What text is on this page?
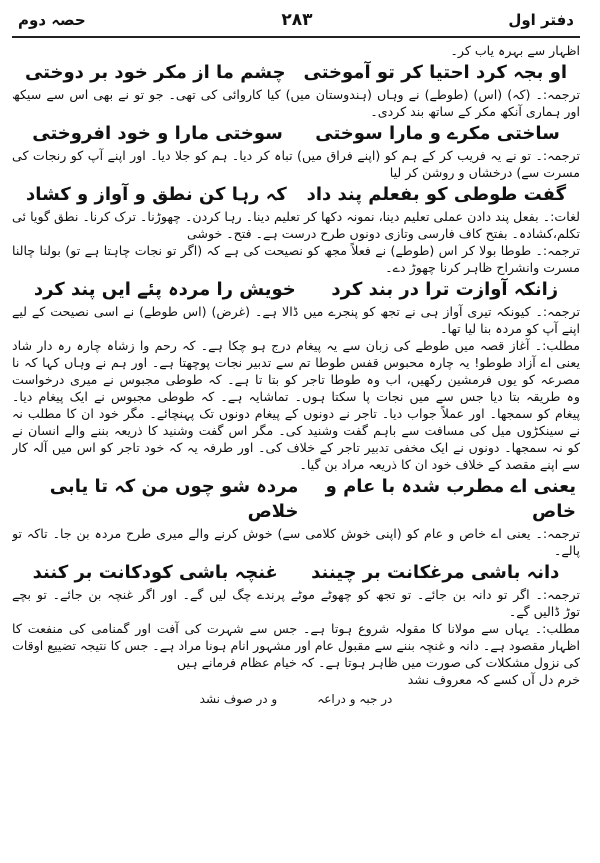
دفتر اول
۲۸۳
حصہ دوم
اظہار سے بہرہ یاب کر۔
او بجہ کرد احتیا کر تو آموختی
چشم ما از مکر خود بر دوختی
ترجمہ:۔ (کہ) (اس) (طوطے) نے وہاں (ہندوستان میں) کیا کاروائی کی تھی۔ جو تو نے بھی اس سے سیکھ
اور ہماری آنکھ مکر کے ساتھ بند کردی۔
ساختی مکرے و مارا سوختی
سوختی مارا و خود افروختی
ترجمہ:۔ تو نے یہ فریب کر کے ہم کو (اپنے فراق میں) تباہ کر دیا۔ ہم کو جلا دیا۔ اور اپنے آپ کو رنجات کی
مسرت سے) درخشاں و روشن کر لیا
گفت طوطی کو بفعلم پند داد
کہ رہا کن نطق و آواز و کشاد
لغات:۔ بفعل پند دادن عملی تعلیم دینا، نمونہ دکھا کر تعلیم دینا۔ رہا کردن۔ چھوڑنا۔ ترک کرنا۔ نطق گویا ئی
تکلم،کشادہ۔ بفتح کاف فارسی وتازی دونوں طرح درست ہے۔ فتح۔ خوشی
ترجمہ:۔ طوطا بولا کر اس (طوطے) نے فعلاً مجھ کو نصیحت کی ہے کہ (اگر تو نجات چاہتا ہے تو) بولنا چالنا
مسرت وانشراح ظاہر کرنا چھوڑ دے۔
زانکہ آوازت ترا در بند کرد
خویش را مردہ پئے ایں پند کرد
ترجمہ:۔ کیونکہ تیری آواز ہی نے تجھ کو پنجرے میں ڈالا ہے۔ (غرض) (اس طوطے) نے اسی نصیحت کے لیے
اپنے آپ کو مردہ بنا لیا تھا۔
مطلب:۔ آغاز قصہ میں طوطے کی زبان سے یہ پیغام درج ہو چکا ہے۔ کہ رحم وا زشاہ چارہ رہ دار شاد
یعنی اے آزاد طوطو! یہ چارہ محبوس قفس طوطا تم سے تدبیر نجات پوچھتا ہے۔ اور ہم نے وہاں کہا کہ نا
مصرعہ کو یوں فرمشین رکھیں، اب وہ طوطا تاجر کو بتا تا ہے۔ کہ طوطی مجبوس نے میری درخواست
وہ طریقہ بتا دیا جس سے میں نجات پا سکتا ہوں۔ تماشایہ ہے۔ کہ طوطی مجبوس نے ایک پیغام دیا۔
پیغام کو سمجھا۔ اور عملاً جواب دیا۔ تاجر نے دونوں کے پیغام دونوں تک پہنچائے۔ مگر خود ان کا مطلب نہ
نے سینکڑوں میل کی مسافت سے باہم گفت وشنید کی۔ مگر اس گفت وشنید کا ذریعہ بننے والے انسان نے
کو نہ سمجھا۔ دونوں نے ایک مخفی تدبیر تاجر کے خلاف کی۔ اور طرفہ یہ کہ خود تاجر کو اس میں آلہ کار
سے اپنے مقصد کے خلاف خود ان کا ذریعہ مراد بن گیا۔
یعنی اے مطرب شدہ با عام و خاص
مردہ شو چوں من کہ تا یابی خلاص
ترجمہ:۔ یعنی اے خاص و عام کو (اپنی خوش کلامی سے) خوش کرنے والے میری طرح مردہ بن جا۔ تاکہ تو
پالے۔
دانہ باشی مرغکانت بر چینند
غنچہ باشی کودکانت بر کنند
ترجمہ:۔ اگر تو دانہ بن جائے۔ تو تجھ کو چھوٹے موٹے پرندے چگ لیں گے۔ اور اگر غنچہ بن جائے۔ تو بچے
توڑ ڈالیں گے۔
مطلب:۔ یہاں سے مولانا کا مقولہ شروع ہوتا ہے۔ جس سے شہرت کی آفت اور گمنامی کی منفعت کا
اظہار مقصود ہے۔ دانہ و غنچہ بننے سے مقبول عام اور مشہور انام ہونا مراد ہے۔ جس کا نتیجہ تضییع اوقات
کی نزول مشکلات کی صورت میں ظاہر ہوتا ہے۔ کہ خیام عظام فرمانے ہیں
خرم دل آں کسے کہ معروف نشد
در جبہ و دراعہ
و در صوف نشد
